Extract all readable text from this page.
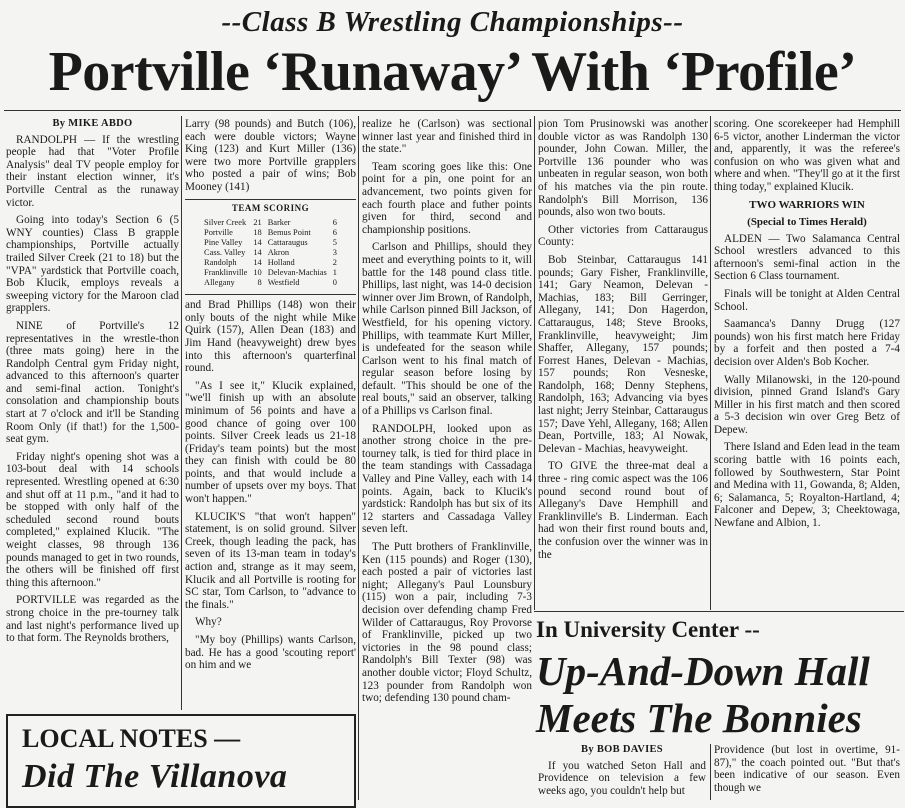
--Class B Wrestling Championships--
Portville ‘Runaway’ With ‘Profile’
By MIKE ABDO

RANDOLPH — If the wrestling people had that "Voter Profile Analysis" deal TV people employ for their instant election winner, it's Portville Central as the runaway victor.

Going into today's Section 6 (5 WNY counties) Class B grapple championships, Portville actually trailed Silver Creek (21 to 18) but the "VPA" yardstick that Portville coach, Bob Klucik, employs reveals a sweeping victory for the Maroon clad grapplers.

NINE of Portville's 12 representatives in the wrestle-thon (three mats going) here in the Randolph Central gym Friday night, advanced to this afternoon's quarter and semi-final action. Tonight's consolation and championship bouts start at 7 o'clock and it'll be Standing Room Only (if that!) for the 1,500-seat gym.

Friday night's opening shot was a 103-bout deal with 14 schools represented. Wrestling opened at 6:30 and shut off at 11 p.m., "and it had to be stopped with only half of the scheduled second round bouts completed," explained Klucik. "The weight classes, 98 through 136 pounds managed to get in two rounds, the others will be finished off first thing this afternoon."

PORTVILLE was regarded as the strong choice in the pre-tourney talk and last night's performance lived up to that form. The Reynolds brothers,

Larry (98 pounds) and Butch (106), each were double victors; Wayne King (123) and Kurt Miller (136) were two more Portville grapplers who posted a pair of wins; Bob Mooney (141)

TEAM SCORING
Silver Creek	21	Barker	6
Portville	18	Bemus Point	6
Pine Valley	14	Cattaraugus	5
Cass. Valley	14	Akron	3
Randolph	14	Holland	2
Franklinville	10	Delevan-Machias	1
Allegany	8	Westfield	0

and Brad Phillips (148) won their only bouts of the night while Mike Quirk (157), Allen Dean (183) and Jim Hand (heavyweight) drew byes into this afternoon's quarterfinal round.

"As I see it," Klucik explained, "we'll finish up with an absolute minimum of 56 points and have a good chance of going over 100 points. Silver Creek leads us 21-18 (Friday's team points) but the most they can finish with could be 80 points, and that would include a number of upsets over my boys. That won't happen."

KLUCIK'S "that won't happen" statement, is on solid ground. Silver Creek, though leading the pack, has seven of its 13-man team in today's action and, strange as it may seem, Klucik and all Portville is rooting for SC star, Tom Carlson, to "advance to the finals."

Why?

"My boy (Phillips) wants Carlson, bad. He has a good 'scouting report' on him and we

realize he (Carlson) was sectional winner last year and finished third in the state."

Team scoring goes like this: One point for a pin, one point for an advancement, two points given for each fourth place and futher points given for third, second and championship positions.

Carlson and Phillips, should they meet and everything points to it, will battle for the 148 pound class title. Phillips, last night, was 14-0 decision winner over Jim Brown, of Randolph, while Carlson pinned Bill Jackson, of Westfield, for his opening victory. Phillips, with teammate Kurt Miller, is undefeated for the season while Carlson went to his final match of regular season before losing by default. "This should be one of the real bouts," said an observer, talking of a Phillips vs Carlson final.

RANDOLPH, looked upon as another strong choice in the pre-tourney talk, is tied for third place in the team standings with Cassadaga Valley and Pine Valley, each with 14 points. Again, back to Klucik's yardstick: Randolph has but six of its 12 starters and Cassadaga Valley seven left.

The Putt brothers of Franklinville, Ken (115 pounds) and Roger (130), each posted a pair of victories last night; Allegany's Paul Lounsbury (115) won a pair, including 7-3 decision over defending champ Fred Wilder of Cattaraugus, Roy Provorse of Franklinville, picked up two victories in the 98 pound class; Randolph's Bill Texter (98) was another double victor; Floyd Schultz, 123 pounder from Randolph won two; defending 130 pound cham-

pion Tom Prusinowski was another double victor as was Randolph 130 pounder, John Cowan. Miller, the Portville 136 pounder who was unbeaten in regular season, won both of his matches via the pin route. Randolph's Bill Morrison, 136 pounds, also won two bouts.

Other victories from Cattaraugus County:

Bob Steinbar, Cattaraugus 141 pounds; Gary Fisher, Franklinville, 141; Gary Neamon, Delevan - Machias, 183; Bill Gerringer, Allegany, 141; Don Hagerdon, Cattaraugus, 148; Steve Brooks, Franklinville, heavyweight; Jim Shaffer, Allegany, 157 pounds; Forrest Hanes, Delevan - Machias, 157 pounds; Ron Vesneske, Randolph, 168; Denny Stephens, Randolph, 163; Advancing via byes last night; Jerry Steinbar, Cattaraugus 157; Dave Yehl, Allegany, 168; Allen Dean, Portville, 183; Al Nowak, Delevan - Machias, heavyweight.

TO GIVE the three-mat deal a three - ring comic aspect was the 106 pound second round bout of Allegany's Dave Hemphill and Franklinville's B. Linderman. Each had won their first round bouts and, the confusion over the winner was in the

scoring. One scorekeeper had Hemphill 6-5 victor, another Linderman the victor and, apparently, it was the referee's confusion on who was given what and where and when. "They'll go at it the first thing today," explained Klucik.

TWO WARRIORS WIN
(Special to Times Herald)

ALDEN — Two Salamanca Central School wrestlers advanced to this afternoon's semi-final action in the Section 6 Class tournament.

Finals will be tonight at Alden Central School.

Saamanca's Danny Drugg (127 pounds) won his first match here Friday by a forfeit and then posted a 7-4 decision over Alden's Bob Kocher.

Wally Milanowski, in the 120-pound division, pinned Grand Island's Gary Miller in his first match and then scored a 5-3 decision win over Greg Betz of Depew.

There Island and Eden lead in the team scoring battle with 16 points each, followed by Southwestern, Star Point and Medina with 11, Gowanda, 8; Alden, 6; Salamanca, 5; Royalton-Hartland, 4; Falconer and Depew, 3; Cheektowaga, Newfane and Albion, 1.

LOCAL NOTES —
Did The Villanova
In University Center --
Up-And-Down Hall Meets The Bonnies
By BOB DAVIES

If you watched Seton Hall and Providence on television a few weeks ago, you couldn't help but

Providence (but lost in overtime, 91-87)," the coach pointed out. "But that's been indicative of our season. Even though we
